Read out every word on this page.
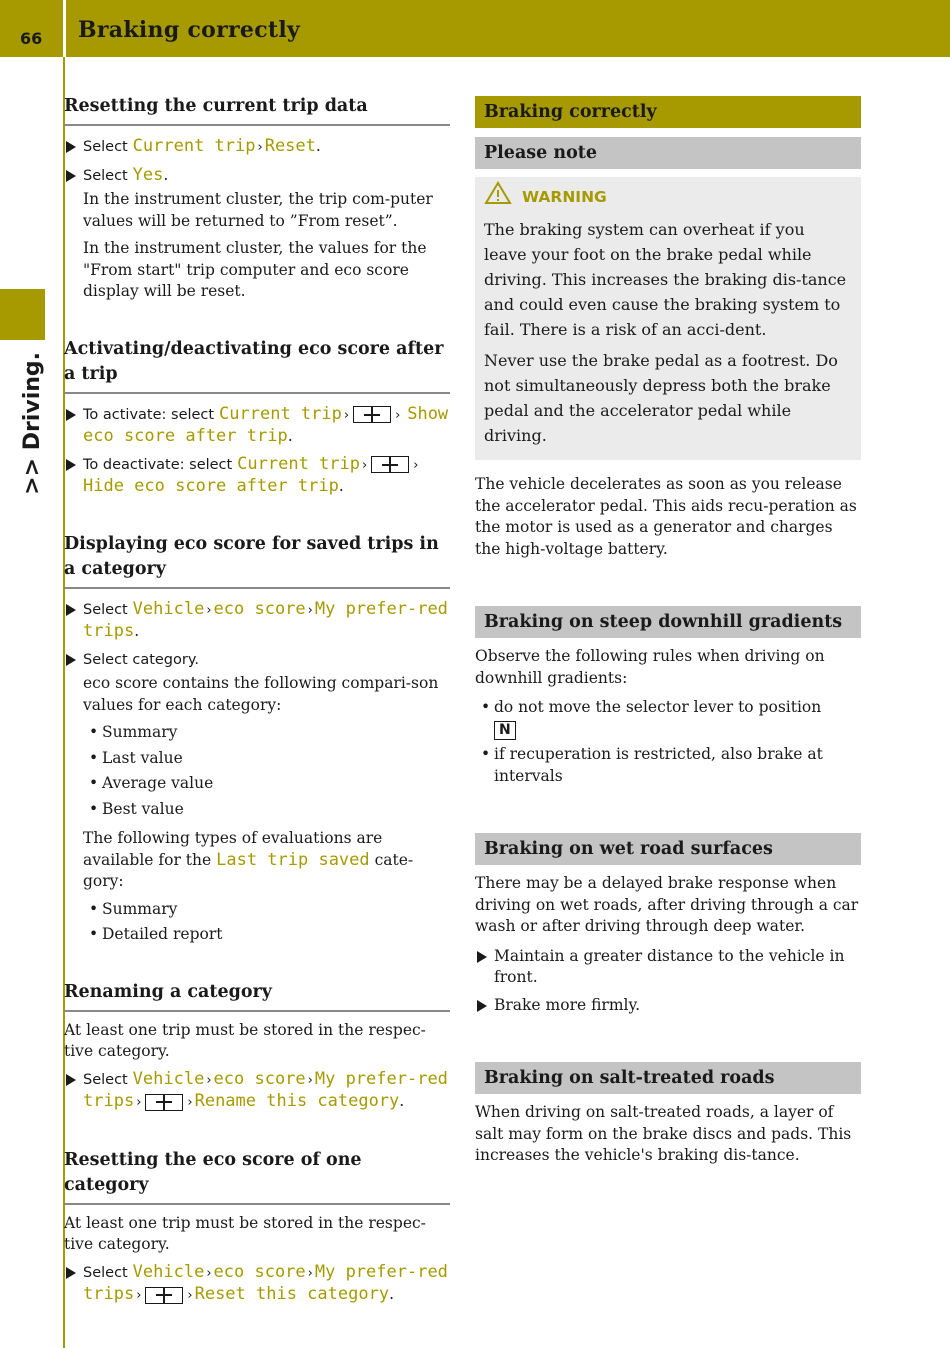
66 Braking correctly
>> Driving.
Resetting the current trip data
Select Current trip › Reset.
Select Yes.
In the instrument cluster, the trip com-puter values will be returned to ”From reset”.
In the instrument cluster, the values for the "From start" trip computer and eco score display will be reset.
Activating/deactivating eco score after a trip
To activate: select Current trip ›	› Show eco score after trip.
To deactivate: select Current trip ›	› Hide eco score after trip.
Displaying eco score for saved trips in a category
Select Vehicle › eco score › My prefer-red trips.
Select category.
eco score contains the following compari-son values for each category:
• Summary
• Last value
• Average value
• Best value
The following types of evaluations are available for the Last trip saved cate-gory:
• Summary
• Detailed report
Renaming a category
At least one trip must be stored in the respec-tive category.
Select Vehicle › eco score › My prefer-red trips ›	› Rename this category.
Resetting the eco score of one category
At least one trip must be stored in the respec-tive category.
Select Vehicle › eco score › My prefer-red trips ›	› Reset this category.
Braking correctly
Please note
WARNING

The braking system can overheat if you leave your foot on the brake pedal while driving. This increases the braking dis-tance and could even cause the braking system to fail. There is a risk of an acci-dent.

Never use the brake pedal as a footrest. Do not simultaneously depress both the brake pedal and the accelerator pedal while driving.

The vehicle decelerates as soon as you release the accelerator pedal. This aids recu-peration as the motor is used as a generator and charges the high-voltage battery.
Braking on steep downhill gradients
Observe the following rules when driving on downhill gradients:
• do not move the selector lever to position
N
• if recuperation is restricted, also brake at intervals
Braking on wet road surfaces
There may be a delayed brake response when driving on wet roads, after driving through a car wash or after driving through deep water.
Maintain a greater distance to the vehicle in front.
Brake more firmly.
Braking on salt-treated roads
When driving on salt-treated roads, a layer of salt may form on the brake discs and pads. This increases the vehicle's braking dis-tance.
